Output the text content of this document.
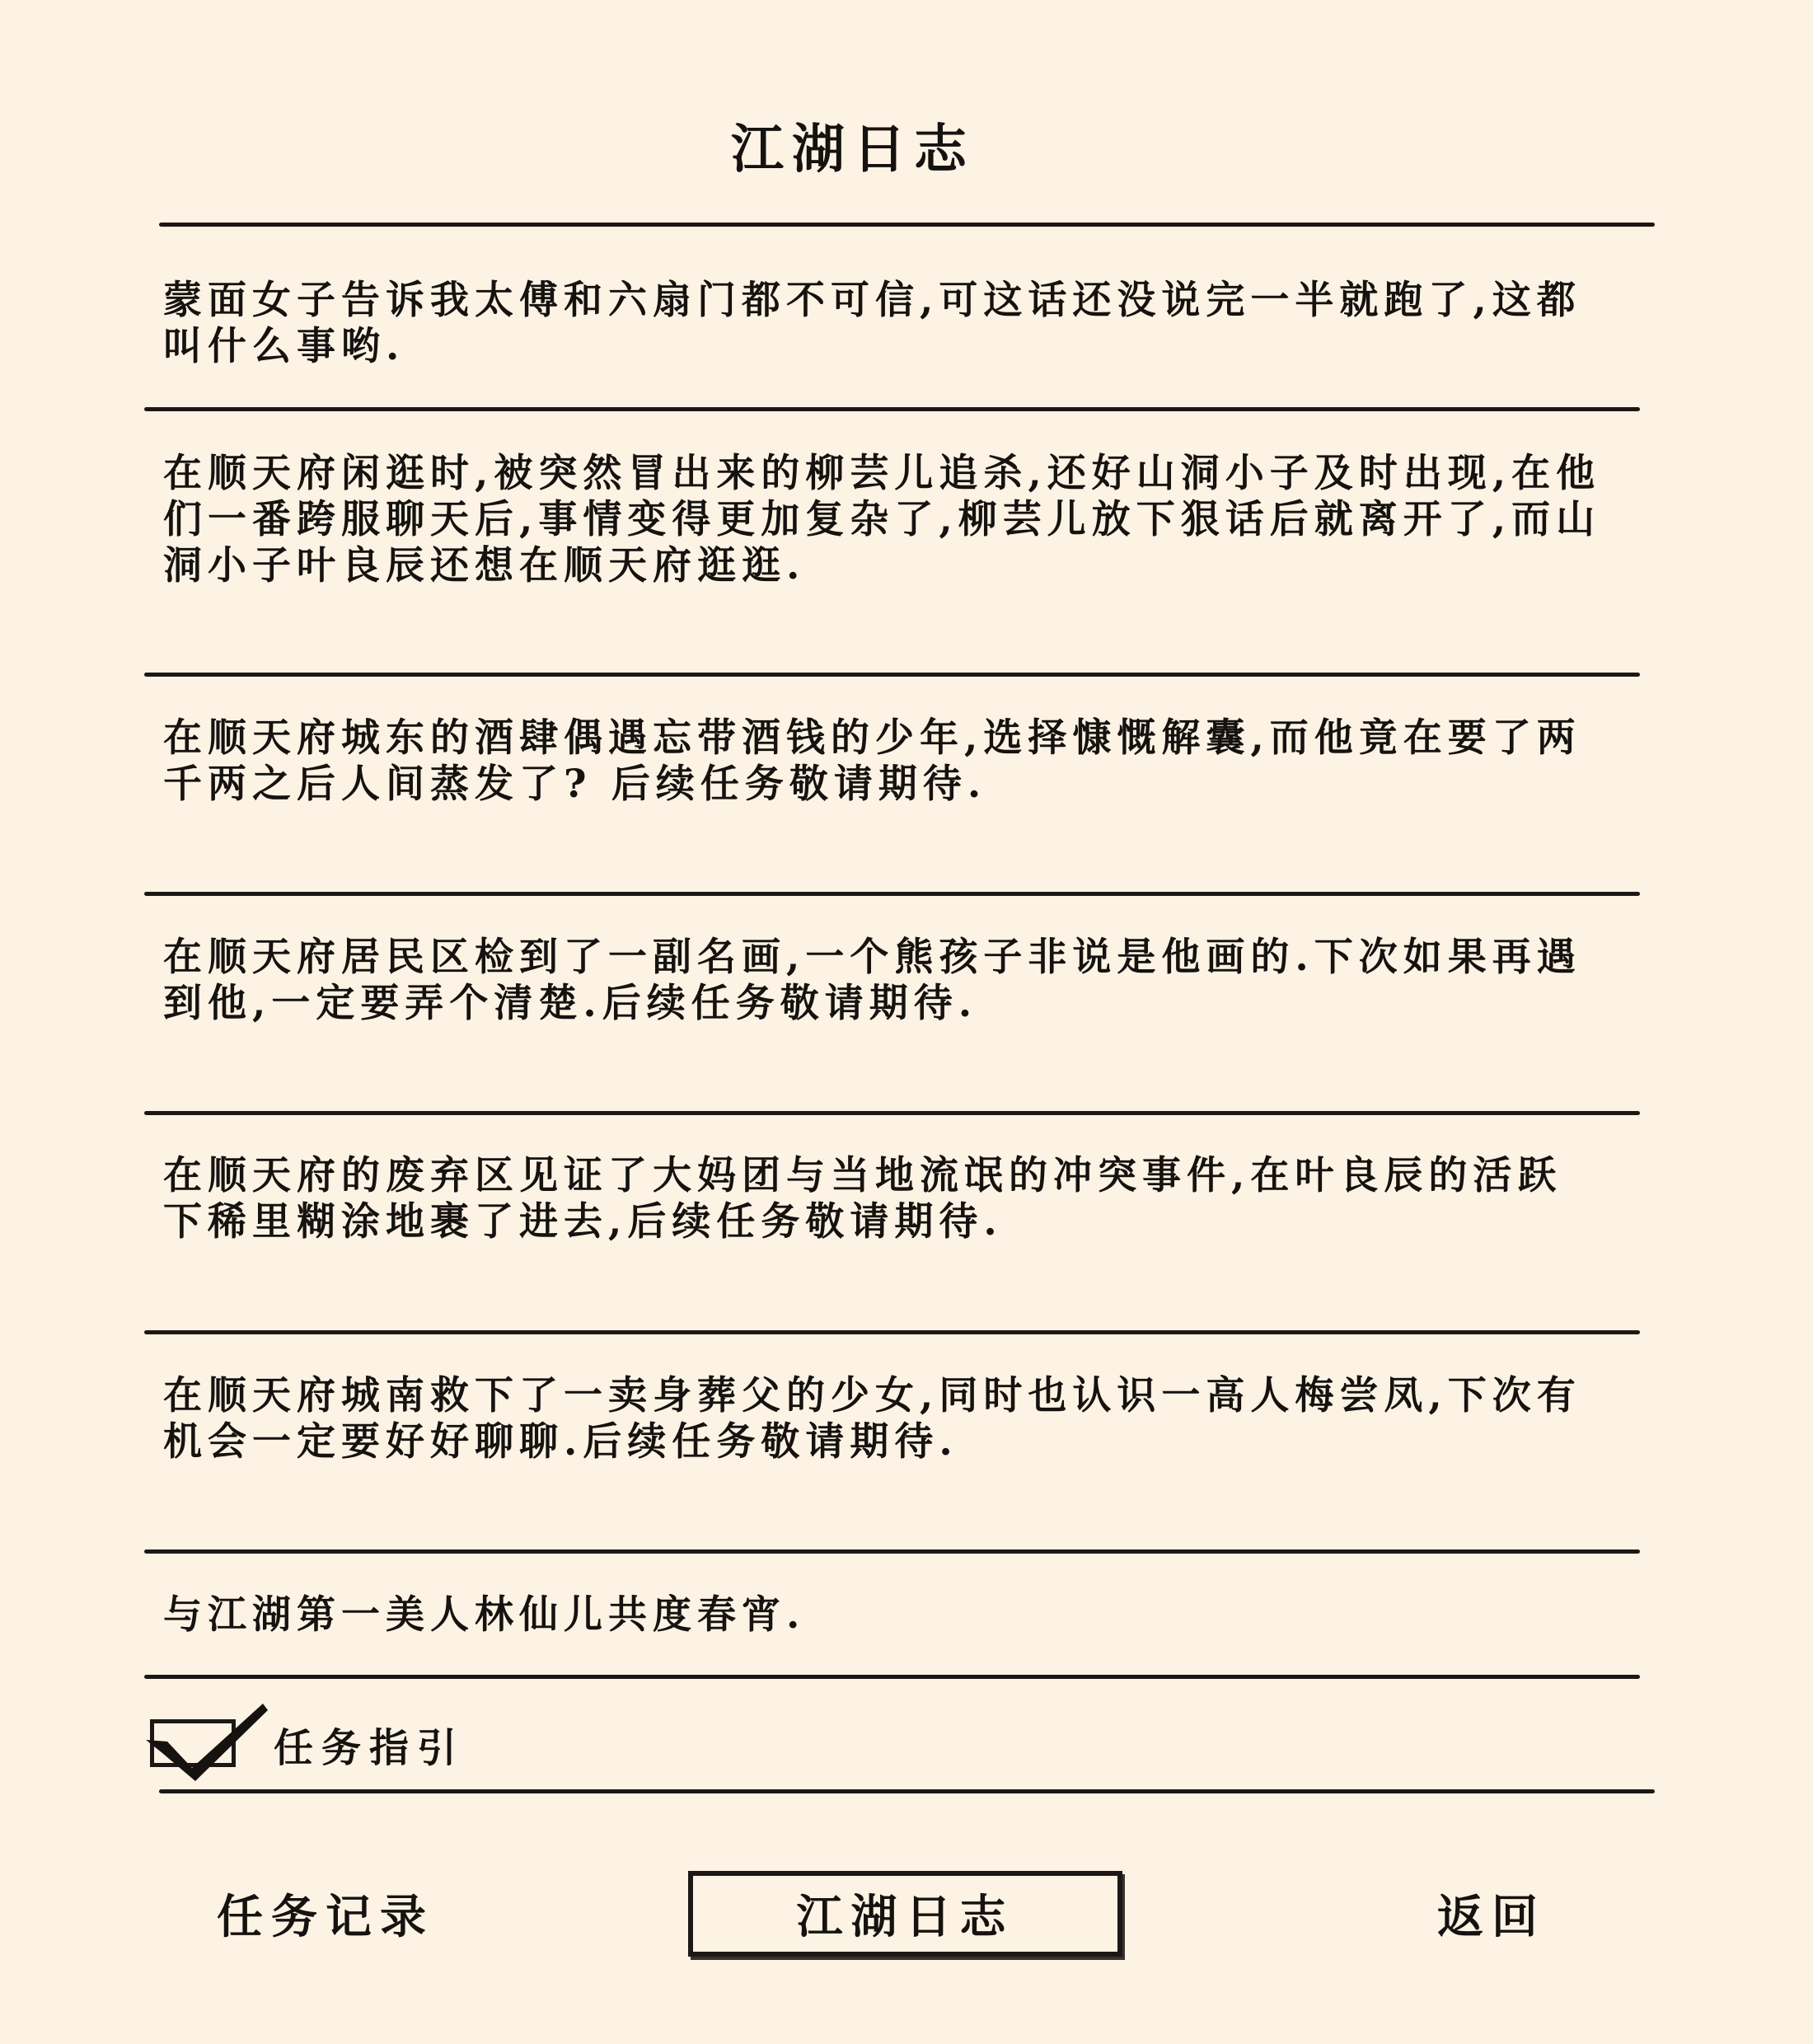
江湖日志
蒙面女子告诉我太傅和六扇门都不可信,可这话还没说完一半就跑了,这都叫什么事哟.
在顺天府闲逛时,被突然冒出来的柳芸儿追杀,还好山洞小子及时出现,在他们一番跨服聊天后,事情变得更加复杂了,柳芸儿放下狠话后就离开了,而山洞小子叶良辰还想在顺天府逛逛.
在顺天府城东的酒肆偶遇忘带酒钱的少年,选择慷慨解囊,而他竟在要了两千两之后人间蒸发了? 后续任务敬请期待.
在顺天府居民区检到了一副名画,一个熊孩子非说是他画的.下次如果再遇到他,一定要弄个清楚.后续任务敬请期待.
在顺天府的废弃区见证了大妈团与当地流氓的冲突事件,在叶良辰的活跃下稀里糊涂地裹了进去,后续任务敬请期待.
在顺天府城南救下了一卖身葬父的少女,同时也认识一高人梅尝凤,下次有机会一定要好好聊聊.后续任务敬请期待.
与江湖第一美人林仙儿共度春宵.
任务指引
任务记录	江湖日志	返回
